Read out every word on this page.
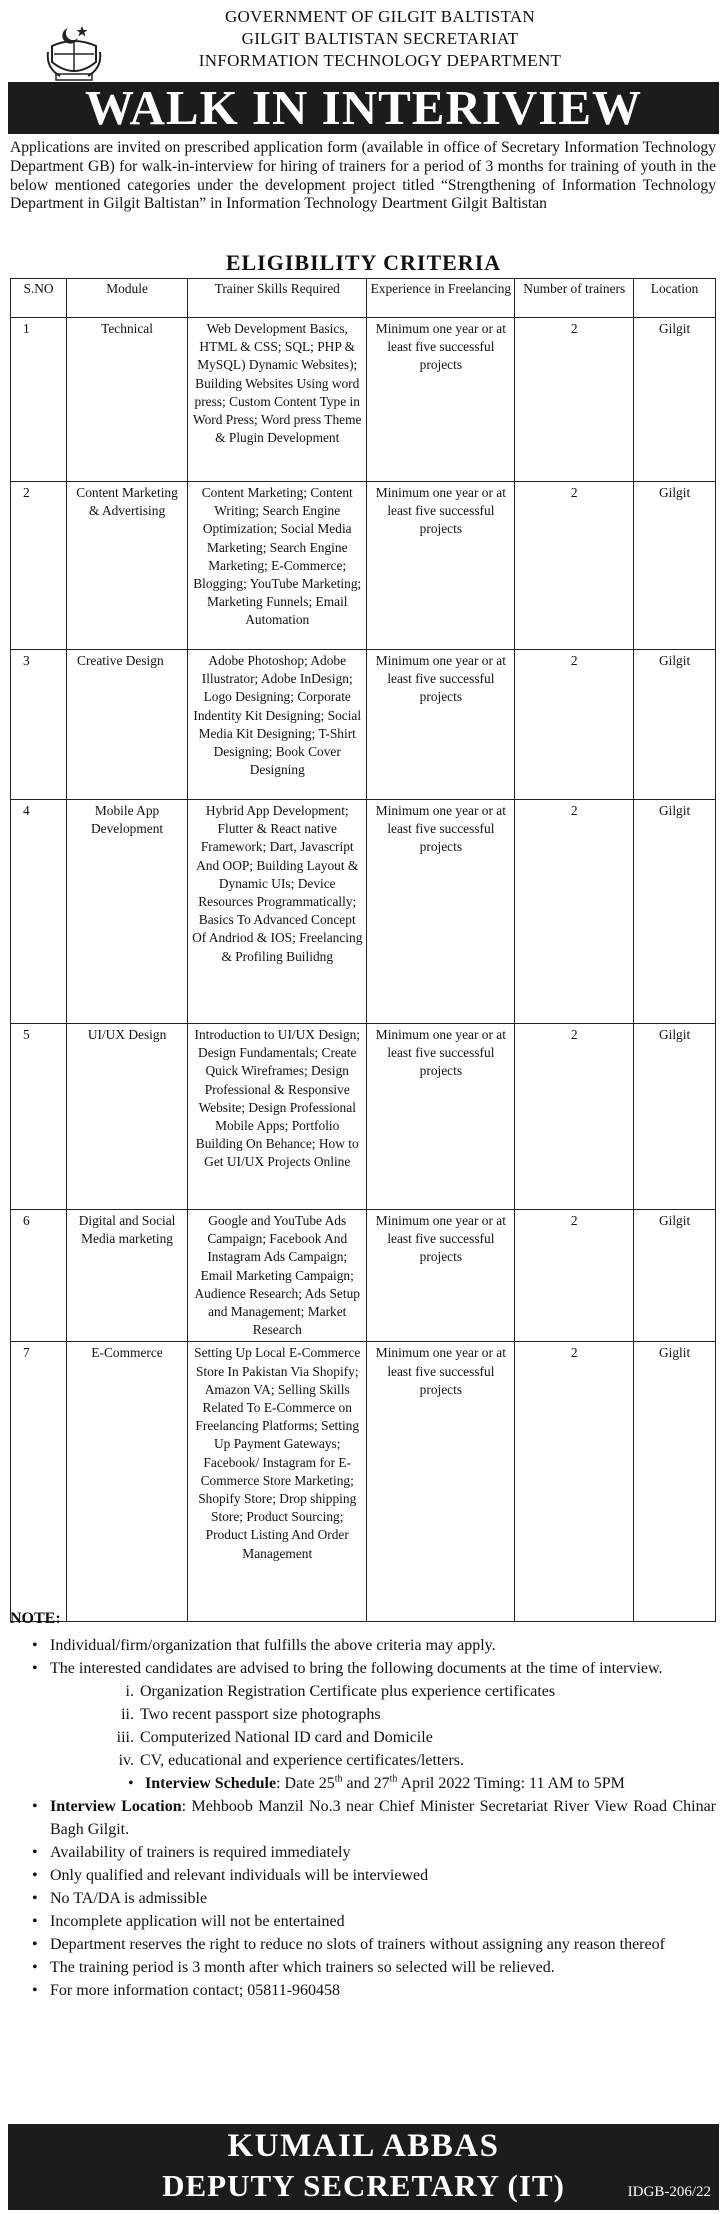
GOVERNMENT OF GILGIT BALTISTAN
GILGIT BALTISTAN SECRETARIAT
INFORMATION TECHNOLOGY DEPARTMENT
WALK IN INTERIVIEW
Applications are invited on prescribed application form (available in office of Secretary Information Technology Department GB) for walk-in-interview for hiring of trainers for a period of 3 months for training of youth in the below mentioned categories under the development project titled “Strengthening of Information Technology Department in Gilgit Baltistan” in Information Technology Deartment Gilgit Baltistan
ELIGIBILITY CRITERIA
S.NO	Module	Trainer Skills Required	Experience in Freelancing	Number of trainers	Location
1	Technical	Web Development Basics, HTML & CSS; SQL; PHP & MySQL) Dynamic Websites); Building Websites Using word press; Custom Content Type in Word Press; Word press Theme & Plugin Development	Minimum one year or at least five successful projects	2	Gilgit
2	Content Marketing & Advertising	Content Marketing; Content Writing; Search Engine Optimization; Social Media Marketing; Search Engine Marketing; E-Commerce; Blogging; YouTube Marketing; Marketing Funnels; Email Automation	Minimum one year or at least five successful projects	2	Gilgit
3	Creative Design	Adobe Photoshop; Adobe Illustrator; Adobe InDesign; Logo Designing; Corporate Indentity Kit Designing; Social Media Kit Designing; T-Shirt Designing; Book Cover Designing	Minimum one year or at least five successful projects	2	Gilgit
4	Mobile App Development	Hybrid App Development; Flutter & React native Framework; Dart, Javascript And OOP; Building Layout & Dynamic UIs; Device Resources Programmatically; Basics To Advanced Concept Of Andriod & IOS; Freelancing & Profiling Builidng	Minimum one year or at least five successful projects	2	Gilgit
5	UI/UX Design	Introduction to UI/UX Design; Design Fundamentals; Create Quick Wireframes; Design Professional & Responsive Website; Design Professional Mobile Apps; Portfolio Building On Behance; How to Get UI/UX Projects Online	Minimum one year or at least five successful projects	2	Gilgit
6	Digital and Social Media marketing	Google and YouTube Ads Campaign; Facebook And Instagram Ads Campaign; Email Marketing Campaign; Audience Research; Ads Setup and Management; Market Research	Minimum one year or at least five successful projects	2	Gilgit
7	E-Commerce	Setting Up Local E-Commerce Store In Pakistan Via Shopify; Amazon VA; Selling Skills Related To E-Commerce on Freelancing Platforms; Setting Up Payment Gateways; Facebook/ Instagram for E-Commerce Store Marketing; Shopify Store; Drop shipping Store; Product Sourcing; Product Listing And Order Management	Minimum one year or at least five successful projects	2	Giglit
NOTE:
• Individual/firm/organization that fulfills the above criteria may apply.
• The interested candidates are advised to bring the following documents at the time of interview.
i. Organization Registration Certificate plus experience certificates
ii. Two recent passport size photographs
iii. Computerized National ID card and Domicile
iv. CV, educational and experience certificates/letters.
• Interview Schedule: Date 25th and 27th April 2022 Timing: 11 AM to 5PM
• Interview Location: Mehboob Manzil No.3 near Chief Minister Secretariat River View Road Chinar Bagh Gilgit.
• Availability of trainers is required immediately
• Only qualified and relevant individuals will be interviewed
• No TA/DA is admissible
• Incomplete application will not be entertained
• Department reserves the right to reduce no slots of trainers without assigning any reason thereof
• The training period is 3 month after which trainers so selected will be relieved.
• For more information contact; 05811-960458
KUMAIL ABBAS
DEPUTY SECRETARY (IT)	IDGB-206/22
